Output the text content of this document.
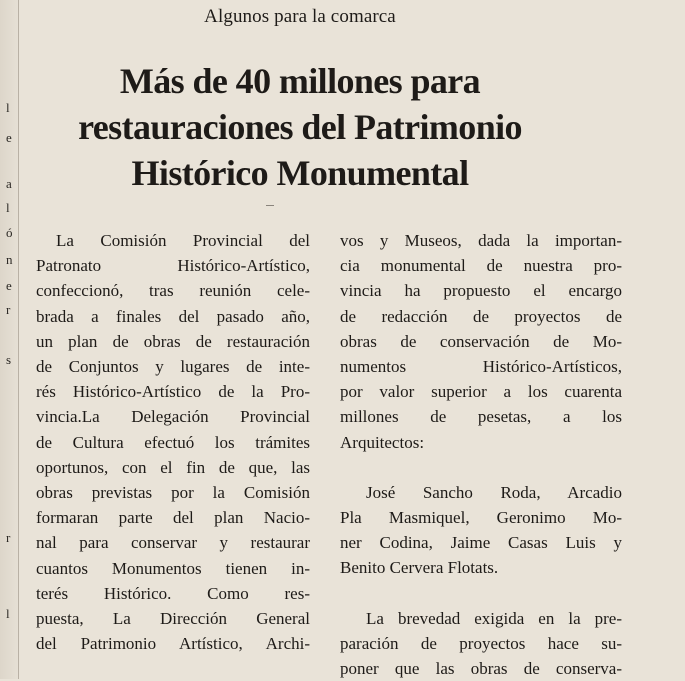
l
e
a
l
ó
n
e
r
s
r
l

Algunos para la comarca
Más de 40 millones para
restauraciones del Patrimonio
Histórico Monumental

La Comisión Provincial del
Patronato Histórico-Artístico,
confeccionó, tras reunión cele-
brada a finales del pasado año,
un plan de obras de restauración
de Conjuntos y lugares de inte-
rés Histórico-Artístico de la Pro-
vincia.La Delegación Provincial
de Cultura efectuó los trámites
oportunos, con el fin de que, las
obras previstas por la Comisión
formaran parte del plan Nacio-
nal para conservar y restaurar
cuantos Monumentos tienen in-
terés Histórico. Como res-
puesta, La Dirección General
del Patrimonio Artístico, Archi-

vos y Museos, dada la importan-
cia monumental de nuestra pro-
vincia ha propuesto el encargo
de redacción de proyectos de
obras de conservación de Mo-
numentos Histórico-Artísticos,
por valor superior a los cuarenta
millones de pesetas, a los
Arquitectos:

José Sancho Roda, Arcadio
Pla Masmiquel, Geronimo Mo-
ner Codina, Jaime Casas Luis y
Benito Cervera Flotats.

La brevedad exigida en la pre-
paración de proyectos hace su-
poner que las obras de conserva-
